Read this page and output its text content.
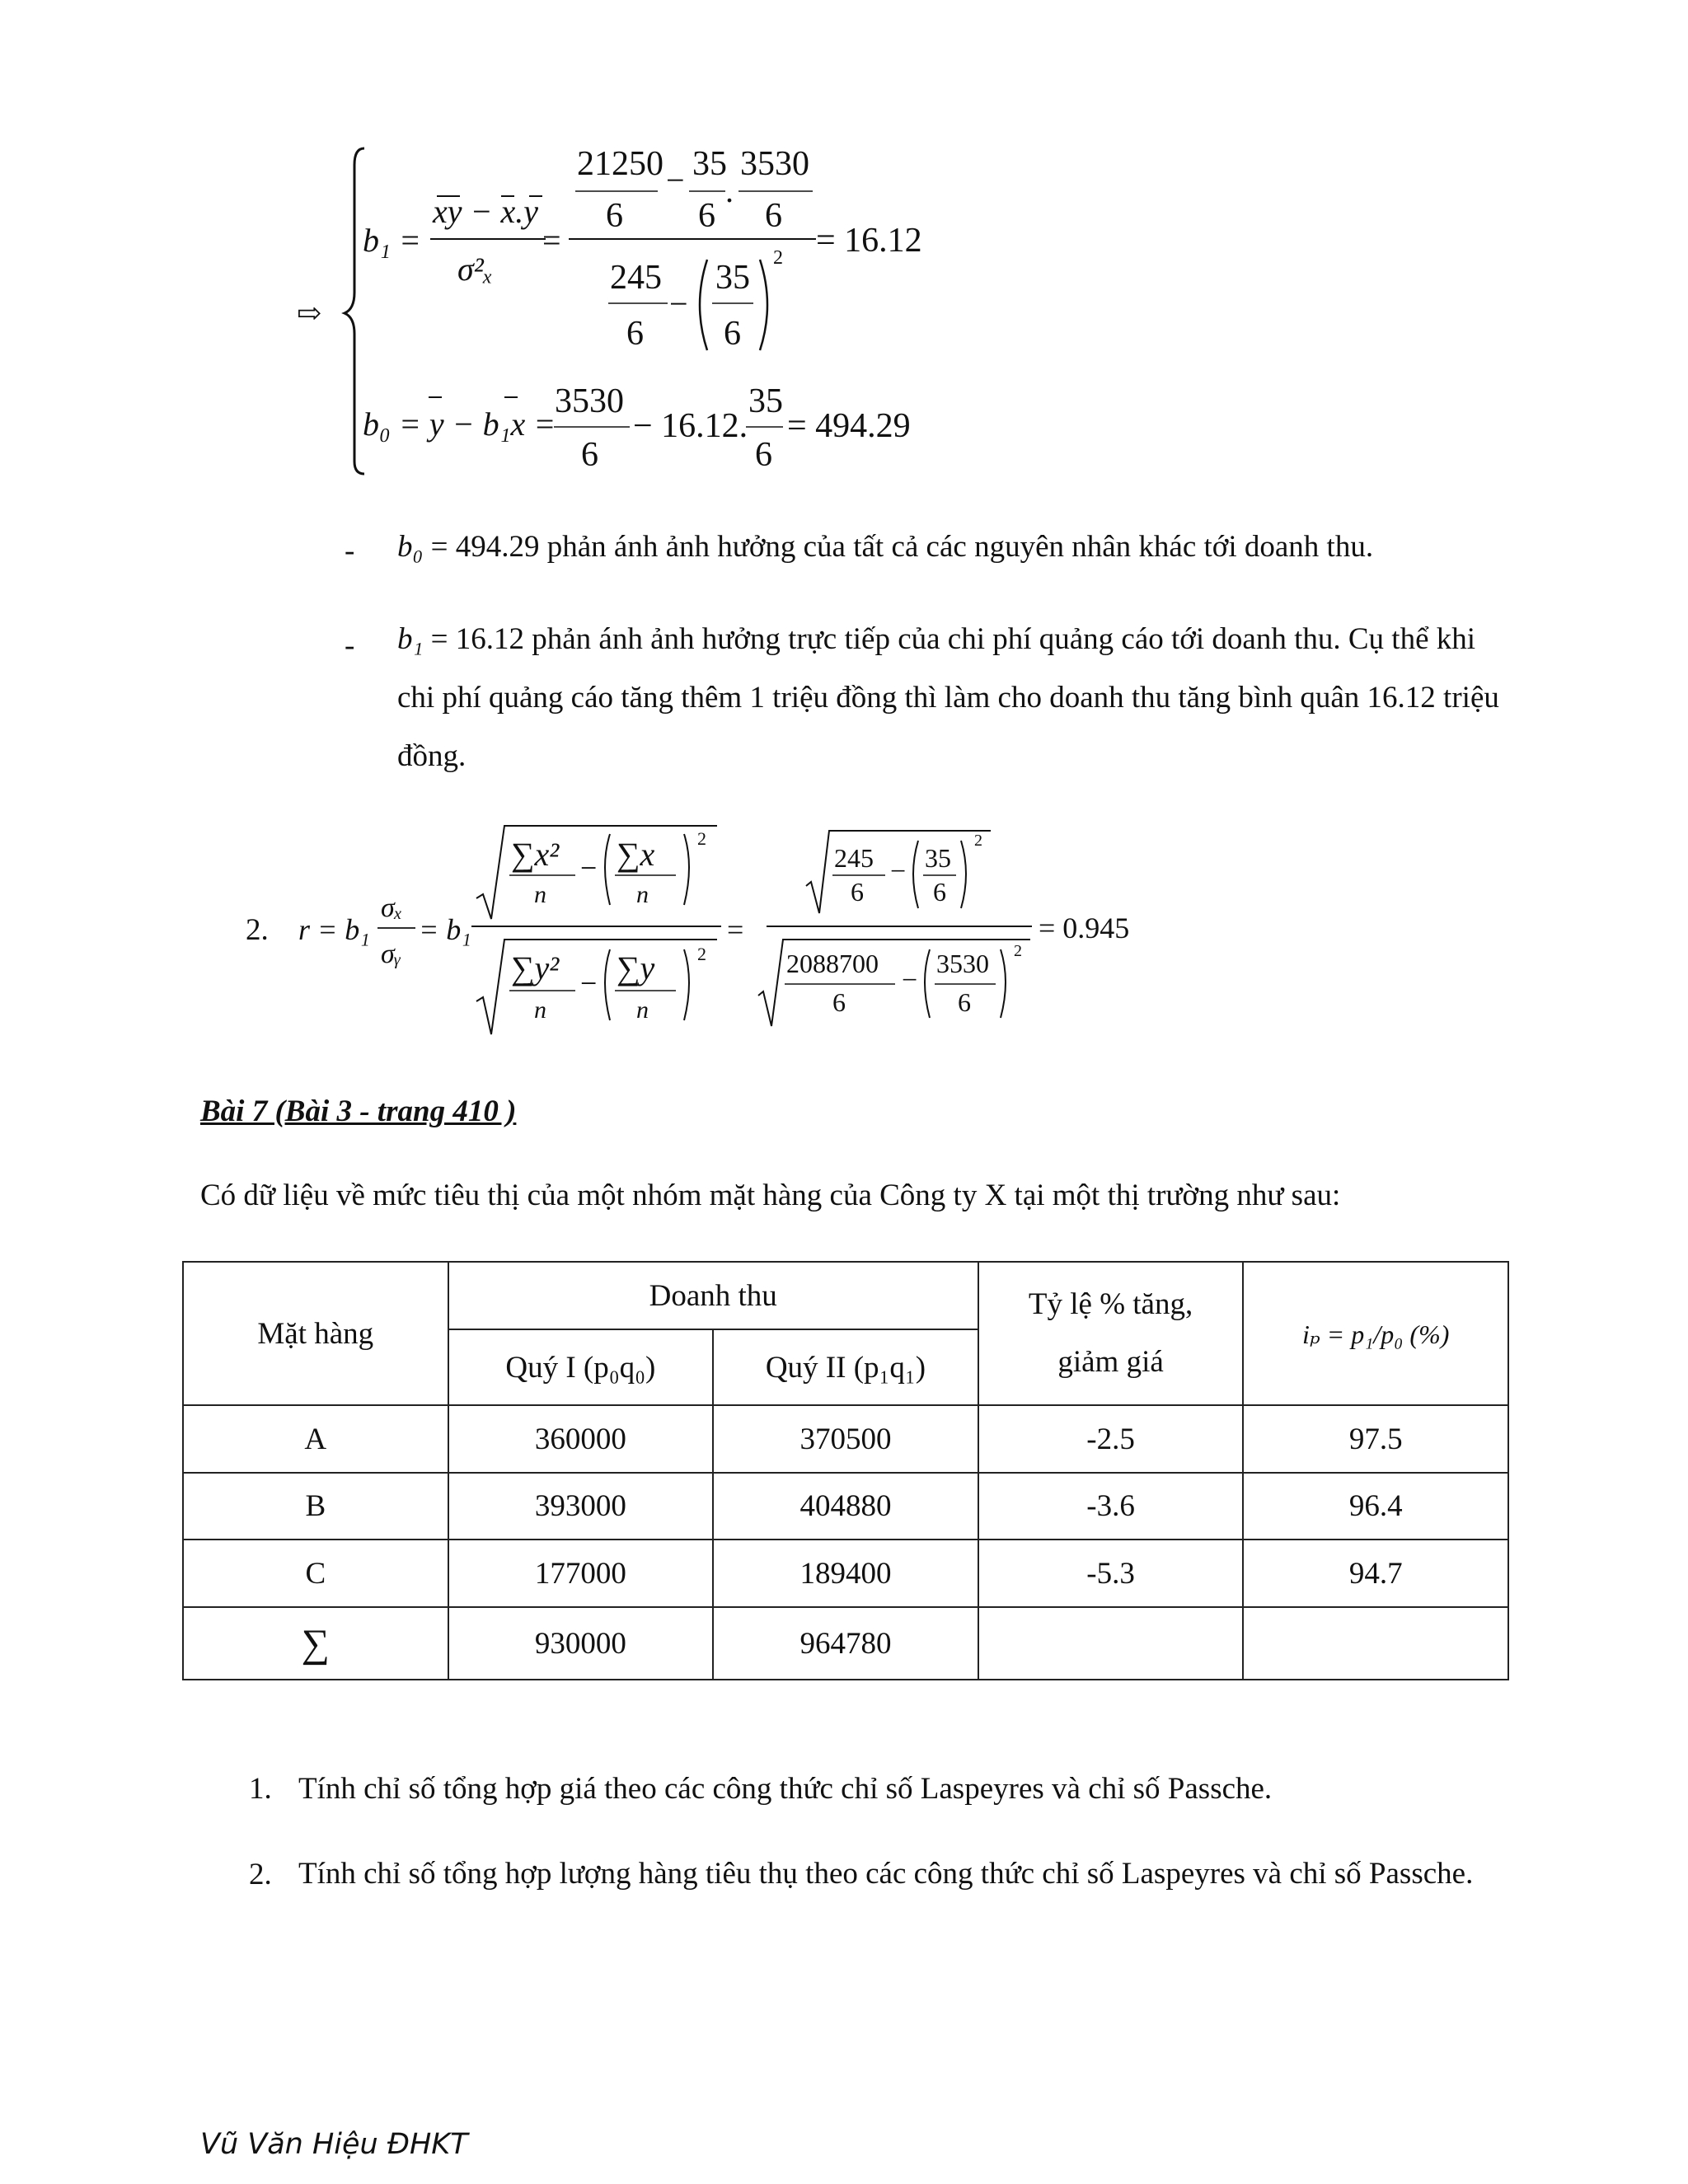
⇨
b₁ =
xy − x.y
σ²ₓ
=
21250 − 35 3530
.
6 6 6
245
6
−
35
6
2 = 16.12
b₀ = y − b₁x =
3530
6
− 16.12.
35
6
= 494.29
- b₀ = 494.29 phản ánh ảnh hưởng của tất cả các nguyên nhân khác tới doanh thu.
- b₁ = 16.12 phản ánh ảnh hưởng trực tiếp của chi phí quảng cáo tới doanh thu. Cụ thể khi chi phí quảng cáo tăng thêm 1 triệu đồng thì làm cho doanh thu tăng bình quân 16.12 triệu đồng.
2. r = b₁
σₓ
σᵧ
= b₁
∑x²
n
− ∑x
n
2
∑y²
n
− ∑y
n
2
=
245
6
− 35
6
2
2088700
6
−
3530
6
2
= 0.945
Bài 7 (Bài 3 - trang 410 )
Có dữ liệu về mức tiêu thị của một nhóm mặt hàng của Công ty X tại một thị trường như sau:
Mặt hàng	Doanh thu		Tỷ lệ % tăng,
giảm giá	iₚ = p₁/p₀ (%)
	Quý I (p₀q₀)	Quý II (p₁q₁)		
A	360000	370500	-2.5	97.5
B	393000	404880	-3.6	96.4
C	177000	189400	-5.3	94.7
∑	930000	964780		
1. Tính chỉ số tổng hợp giá theo các công thức chỉ số Laspeyres và chỉ số Passche.
2. Tính chỉ số tổng hợp lượng hàng tiêu thụ theo các công thức chỉ số Laspeyres và chỉ số Passche.
Vũ Văn Hiệu ĐHKT
